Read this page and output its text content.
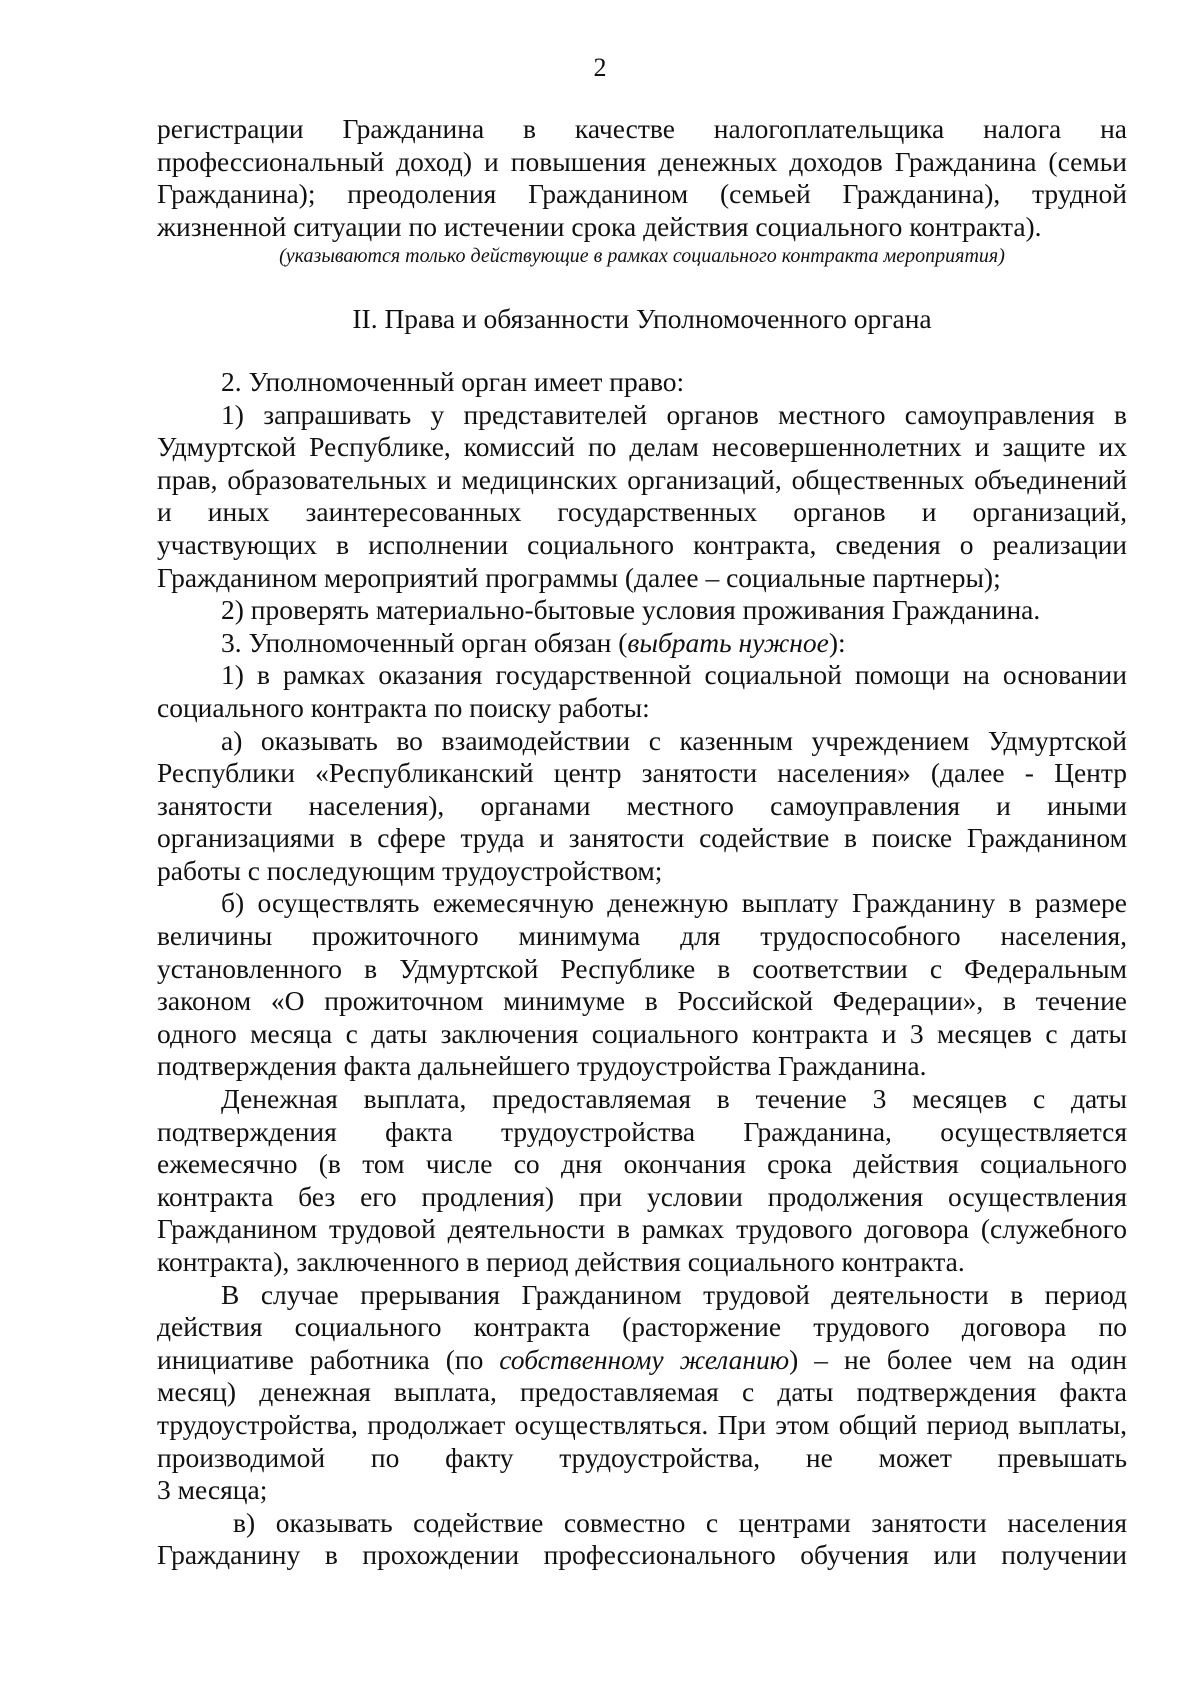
2
регистрации Гражданина в качестве налогоплательщика налога на
профессиональный доход) и повышения денежных доходов Гражданина (семьи
Гражданина); преодоления Гражданином (семьей Гражданина), трудной
жизненной ситуации по истечении срока действия социального контракта).
(указываются только действующие в рамках социального контракта мероприятия)
II. Права и обязанности Уполномоченного органа
2. Уполномоченный орган имеет право:
1) запрашивать у представителей органов местного самоуправления в
Удмуртской Республике, комиссий по делам несовершеннолетних и защите их
прав, образовательных и медицинских организаций, общественных объединений
и иных заинтересованных государственных органов и организаций,
участвующих в исполнении социального контракта, сведения о реализации
Гражданином мероприятий программы (далее – социальные партнеры);
2) проверять материально-бытовые условия проживания Гражданина.
3. Уполномоченный орган обязан (выбрать нужное):
1) в рамках оказания государственной социальной помощи на основании
социального контракта по поиску работы:
а) оказывать во взаимодействии с казенным учреждением Удмуртской
Республики «Республиканский центр занятости населения» (далее - Центр
занятости населения), органами местного самоуправления и иными
организациями в сфере труда и занятости содействие в поиске Гражданином
работы с последующим трудоустройством;
б) осуществлять ежемесячную денежную выплату Гражданину в размере
величины прожиточного минимума для трудоспособного населения,
установленного в Удмуртской Республике в соответствии с Федеральным
законом «О прожиточном минимуме в Российской Федерации», в течение
одного месяца с даты заключения социального контракта и 3 месяцев с даты
подтверждения факта дальнейшего трудоустройства Гражданина.
Денежная выплата, предоставляемая в течение 3 месяцев с даты
подтверждения факта трудоустройства Гражданина, осуществляется
ежемесячно (в том числе со дня окончания срока действия социального
контракта без его продления) при условии продолжения осуществления
Гражданином трудовой деятельности в рамках трудового договора (служебного
контракта), заключенного в период действия социального контракта.
В случае прерывания Гражданином трудовой деятельности в период
действия социального контракта (расторжение трудового договора по
инициативе работника (по собственному желанию) – не более чем на один
месяц) денежная выплата, предоставляемая с даты подтверждения факта
трудоустройства, продолжает осуществляться. При этом общий период выплаты,
производимой по факту трудоустройства, не может превышать
3 месяца;
в) оказывать содействие совместно с центрами занятости населения
Гражданину в прохождении профессионального обучения или получении
